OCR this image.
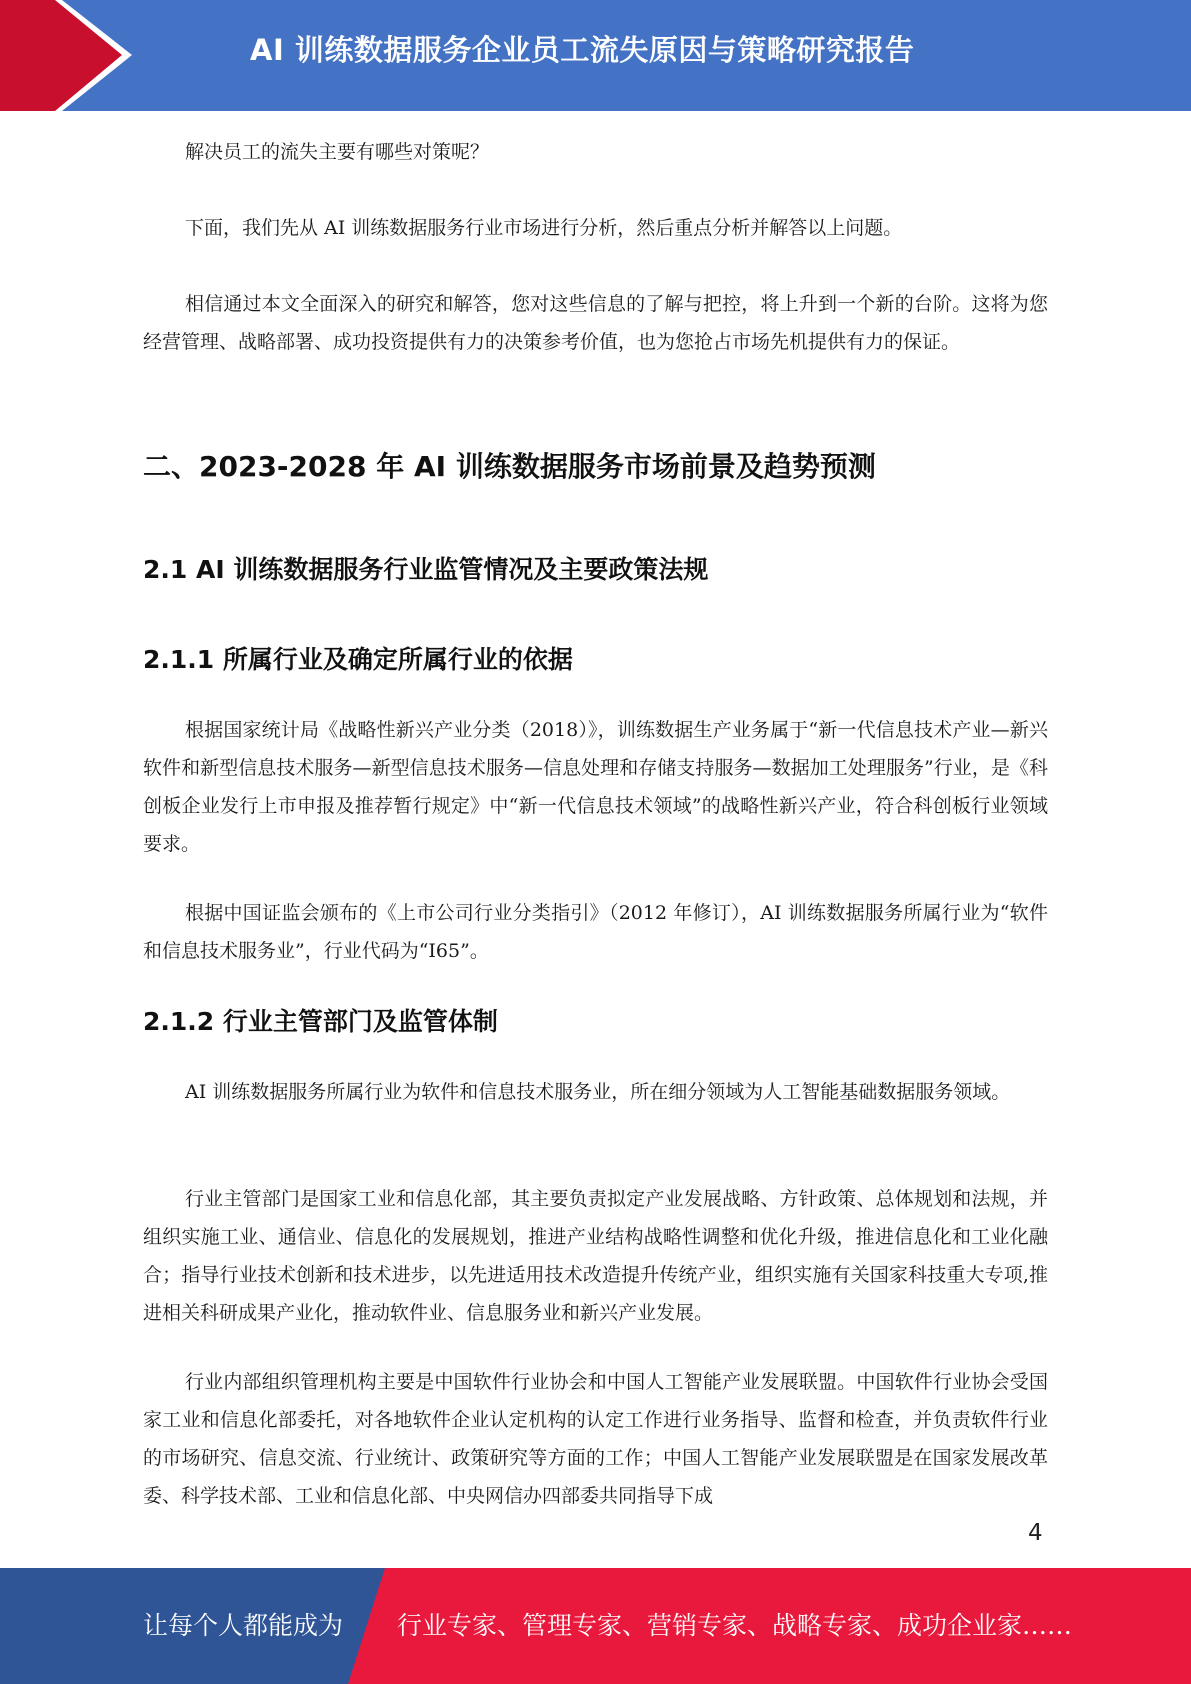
AI 训练数据服务企业员工流失原因与策略研究报告

解决员工的流失主要有哪些对策呢？

下面，我们先从 AI 训练数据服务行业市场进行分析，然后重点分析并解答以上问题。

相信通过本文全面深入的研究和解答，您对这些信息的了解与把控，将上升到一个新的台阶。这将为您经营管理、战略部署、成功投资提供有力的决策参考价值，也为您抢占市场先机提供有力的保证。

二、2023-2028 年 AI 训练数据服务市场前景及趋势预测
2.1 AI 训练数据服务行业监管情况及主要政策法规
2.1.1 所属行业及确定所属行业的依据

根据国家统计局《战略性新兴产业分类（2018）》，训练数据生产业务属于“新一代信息技术产业—新兴软件和新型信息技术服务—新型信息技术服务—信息处理和存储支持服务—数据加工处理服务”行业，是《科创板企业发行上市申报及推荐暂行规定》中“新一代信息技术领域”的战略性新兴产业，符合科创板行业领域要求。

根据中国证监会颁布的《上市公司行业分类指引》（2012 年修订），AI 训练数据服务所属行业为“软件和信息技术服务业”，行业代码为“I65”。

2.1.2 行业主管部门及监管体制

AI 训练数据服务所属行业为软件和信息技术服务业，所在细分领域为人工智能基础数据服务领域。

行业主管部门是国家工业和信息化部，其主要负责拟定产业发展战略、方针政策、总体规划和法规，并组织实施工业、通信业、信息化的发展规划，推进产业结构战略性调整和优化升级，推进信息化和工业化融合；指导行业技术创新和技术进步，以先进适用技术改造提升传统产业，组织实施有关国家科技重大专项,推进相关科研成果产业化，推动软件业、信息服务业和新兴产业发展。

行业内部组织管理机构主要是中国软件行业协会和中国人工智能产业发展联盟。中国软件行业协会受国家工业和信息化部委托，对各地软件企业认定机构的认定工作进行业务指导、监督和检查，并负责软件行业的市场研究、信息交流、行业统计、政策研究等方面的工作；中国人工智能产业发展联盟是在国家发展改革委、科学技术部、工业和信息化部、中央网信办四部委共同指导下成

4
让每个人都能成为 行业专家、管理专家、营销专家、战略专家、成功企业家……
